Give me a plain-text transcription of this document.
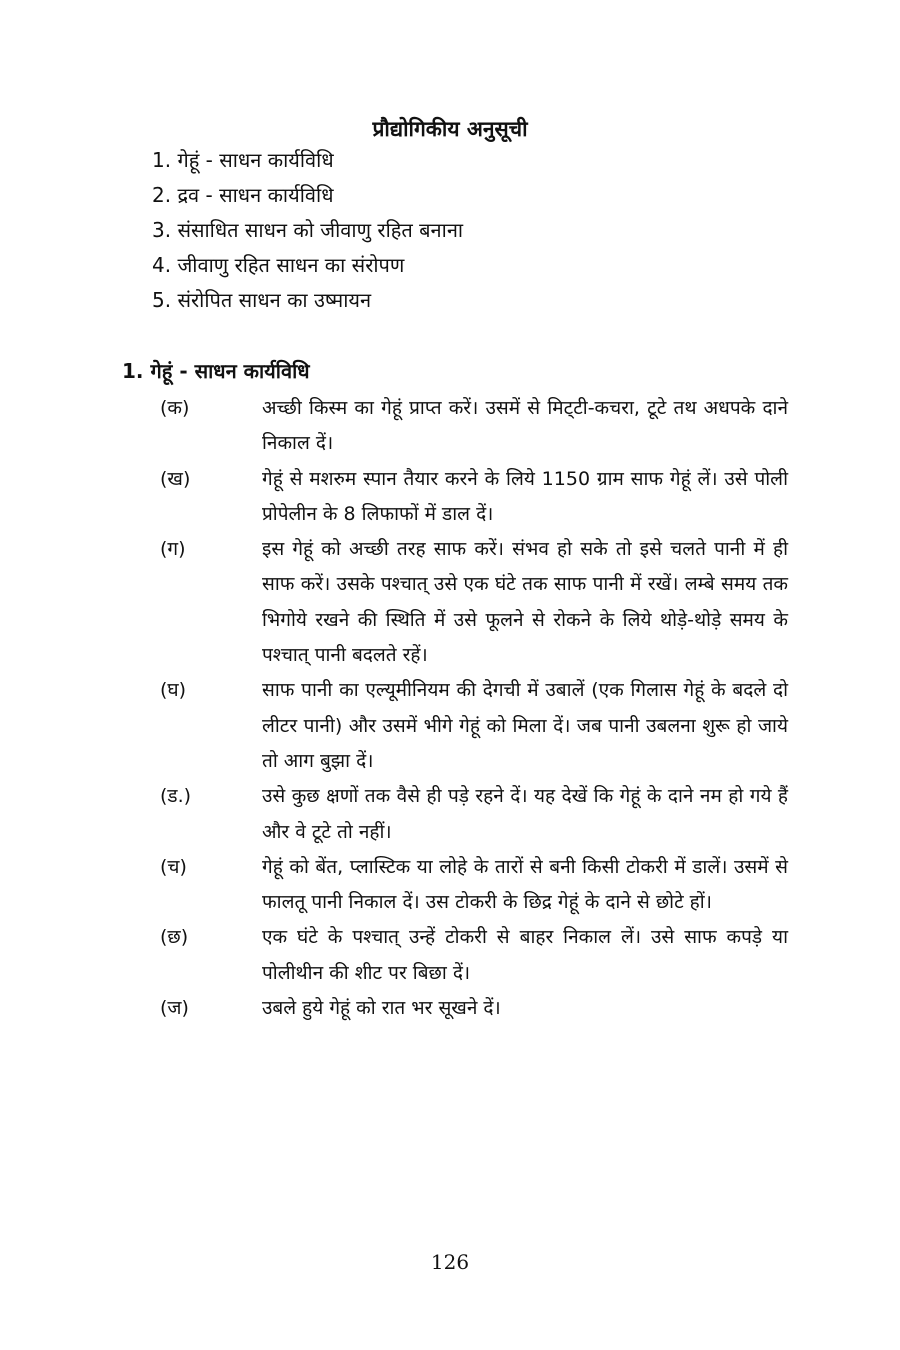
प्रौद्योगिकीय अनुसूची
1. गेहूं - साधन कार्यविधि
2. द्रव - साधन कार्यविधि
3. संसाधित साधन को जीवाणु रहित बनाना
4. जीवाणु रहित साधन का संरोपण
5. संरोपित साधन का उष्मायन
1. गेहूं - साधन कार्यविधि
(क)	अच्छी किस्म का गेहूं प्राप्त करें। उसमें से मिट्‌टी-कचरा, टूटे तथ अधपके दाने निकाल दें।
(ख)	गेहूं से मशरुम स्पान तैयार करने के लिये 1150 ग्राम साफ गेहूं लें। उसे पोली प्रोपेलीन के 8 लिफाफों में डाल दें।
(ग)	इस गेहूं को अच्छी तरह साफ करें। संभव हो सके तो इसे चलते पानी में ही साफ करें। उसके पश्चात् उसे एक घंटे तक साफ पानी में रखें। लम्बे समय तक भिगोये रखने की स्थिति में उसे फूलने से रोकने के लिये थोड़े-थोड़े समय के पश्चात् पानी बदलते रहें।
(घ)	साफ पानी का एल्यूमीनियम की देगची में उबालें (एक गिलास गेहूं के बदले दो लीटर पानी) और उसमें भीगे गेहूं को मिला दें। जब पानी उबलना शुरू हो जाये तो आग बुझा दें।
(ड.)	उसे कुछ क्षणों तक वैसे ही पड़े रहने दें। यह देखें कि गेहूं के दाने नम हो गये हैं और वे टूटे तो नहीं।
(च)	गेहूं को बेंत, प्लास्टिक या लोहे के तारों से बनी किसी टोकरी में डालें। उसमें से फालतू पानी निकाल दें। उस टोकरी के छिद्र गेहूं के दाने से छोटे हों।
(छ)	एक घंटे के पश्चात् उन्हें टोकरी से बाहर निकाल लें। उसे साफ कपड़े या पोलीथीन की शीट पर बिछा दें।
(ज)	उबले हुये गेहूं को रात भर सूखने दें।
126
